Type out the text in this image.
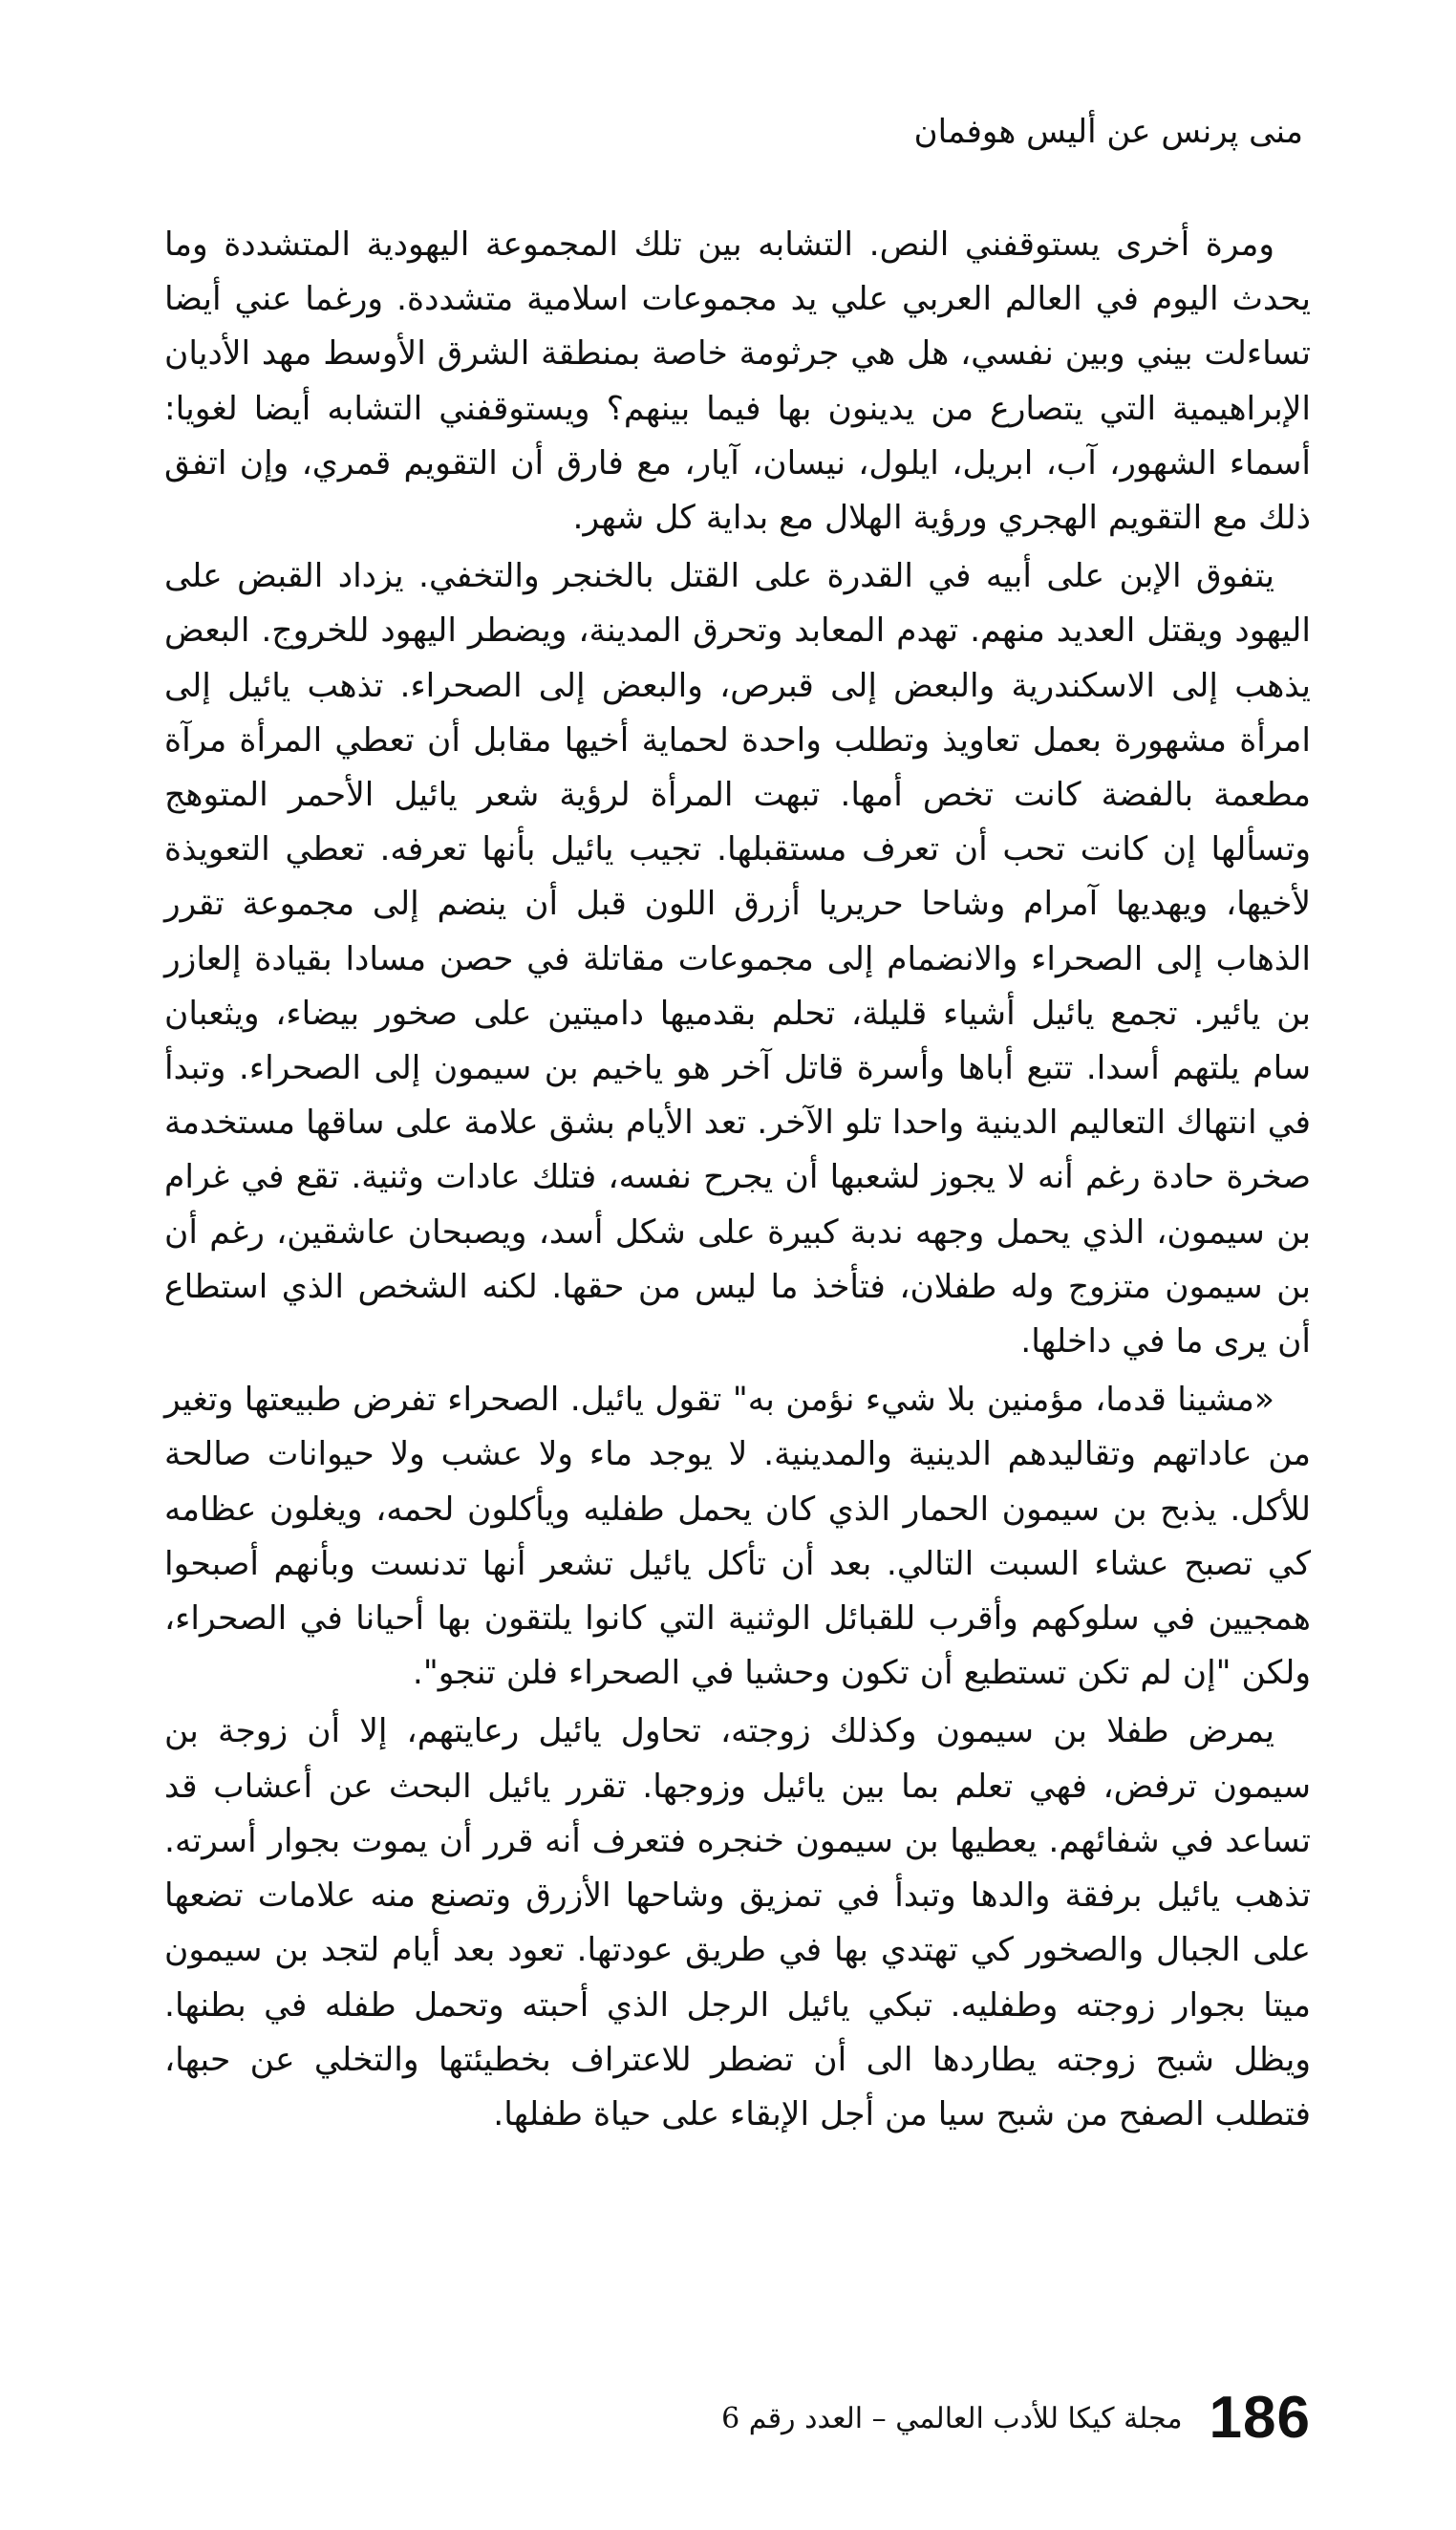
منى پرنس عن أليس هوفمان

ومرة أخرى يستوقفني النص. التشابه بين تلك المجموعة اليهودية المتشددة وما يحدث اليوم في العالم العربي علي يد مجموعات اسلامية متشددة. ورغما عني أيضا تساءلت بيني وبين نفسي، هل هي جرثومة خاصة بمنطقة الشرق الأوسط مهد الأديان الإبراهيمية التي يتصارع من يدينون بها فيما بينهم؟ ويستوقفني التشابه أيضا لغويا: أسماء الشهور، آب، ابريل، ايلول، نيسان، آيار، مع فارق أن التقويم قمري، وإن اتفق ذلك مع التقويم الهجري ورؤية الهلال مع بداية كل شهر.

يتفوق الإبن على أبيه في القدرة على القتل بالخنجر والتخفي. يزداد القبض على اليهود ويقتل العديد منهم. تهدم المعابد وتحرق المدينة، ويضطر اليهود للخروج. البعض يذهب إلى الاسكندرية والبعض إلى قبرص، والبعض إلى الصحراء. تذهب يائيل إلى امرأة مشهورة بعمل تعاويذ وتطلب واحدة لحماية أخيها مقابل أن تعطي المرأة مرآة مطعمة بالفضة كانت تخص أمها. تبهت المرأة لرؤية شعر يائيل الأحمر المتوهج وتسألها إن كانت تحب أن تعرف مستقبلها. تجيب يائيل بأنها تعرفه. تعطي التعويذة لأخيها، ويهديها آمرام وشاحا حريريا أزرق اللون قبل أن ينضم إلى مجموعة تقرر الذهاب إلى الصحراء والانضمام إلى مجموعات مقاتلة في حصن مسادا بقيادة إلعازر بن يائير. تجمع يائيل أشياء قليلة، تحلم بقدميها داميتين على صخور بيضاء، ويثعبان سام يلتهم أسدا. تتبع أباها وأسرة قاتل آخر هو ياخيم بن سيمون إلى الصحراء. وتبدأ في انتهاك التعاليم الدينية واحدا تلو الآخر. تعد الأيام بشق علامة على ساقها مستخدمة صخرة حادة رغم أنه لا يجوز لشعبها أن يجرح نفسه، فتلك عادات وثنية. تقع في غرام بن سيمون، الذي يحمل وجهه ندبة كبيرة على شكل أسد، ويصبحان عاشقين، رغم أن بن سيمون متزوج وله طفلان، فتأخذ ما ليس من حقها. لكنه الشخص الذي استطاع أن يرى ما في داخلها.

«مشينا قدما، مؤمنين بلا شيء نؤمن به" تقول يائيل. الصحراء تفرض طبيعتها وتغير من عاداتهم وتقاليدهم الدينية والمدينية. لا يوجد ماء ولا عشب ولا حيوانات صالحة للأكل. يذبح بن سيمون الحمار الذي كان يحمل طفليه ويأكلون لحمه، ويغلون عظامه كي تصبح عشاء السبت التالي. بعد أن تأكل يائيل تشعر أنها تدنست وبأنهم أصبحوا همجيين في سلوكهم وأقرب للقبائل الوثنية التي كانوا يلتقون بها أحيانا في الصحراء، ولكن "إن لم تكن تستطيع أن تكون وحشيا في الصحراء فلن تنجو".

يمرض طفلا بن سيمون وكذلك زوجته، تحاول يائيل رعايتهم، إلا أن زوجة بن سيمون ترفض، فهي تعلم بما بين يائيل وزوجها. تقرر يائيل البحث عن أعشاب قد تساعد في شفائهم. يعطيها بن سيمون خنجره فتعرف أنه قرر أن يموت بجوار أسرته. تذهب يائيل برفقة والدها وتبدأ في تمزيق وشاحها الأزرق وتصنع منه علامات تضعها على الجبال والصخور كي تهتدي بها في طريق عودتها. تعود بعد أيام لتجد بن سيمون ميتا بجوار زوجته وطفليه. تبكي يائيل الرجل الذي أحبته وتحمل طفله في بطنها. ويظل شبح زوجته يطاردها الى أن تضطر للاعتراف بخطيئتها والتخلي عن حبها، فتطلب الصفح من شبح سيا من أجل الإبقاء على حياة طفلها.

186
مجلة كيكا للأدب العالمي – العدد رقم 6
